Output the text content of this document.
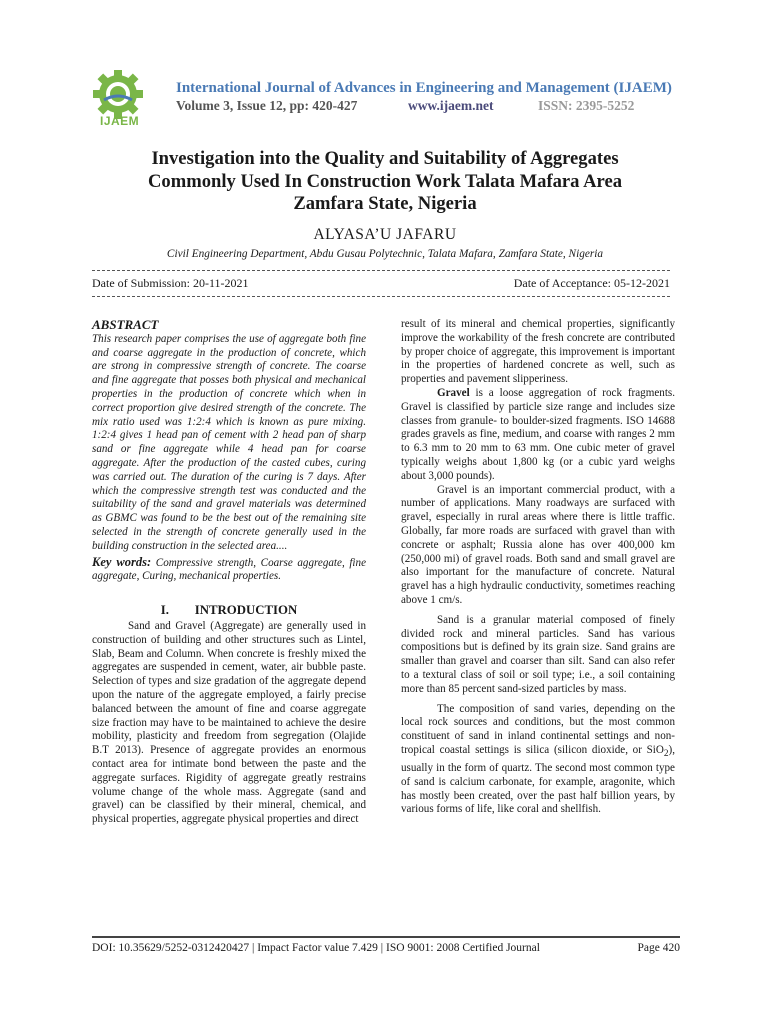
IJAEM
International Journal of Advances in Engineering and Management (IJAEM)
Volume 3, Issue 12, pp: 420-427	www.ijaem.net	ISSN: 2395-5252
Investigation into the Quality and Suitability of Aggregates
Commonly Used In Construction Work Talata Mafara Area
Zamfara State, Nigeria
ALYASA’U JAFARU
Civil Engineering Department, Abdu Gusau Polytechnic, Talata Mafara, Zamfara State, Nigeria
Date of Submission: 20-11-2021	Date of Acceptance: 05-12-2021
ABSTRACT

This research paper comprises the use of aggregate both fine and coarse aggregate in the production of concrete, which are strong in compressive strength of concrete. The coarse and fine aggregate that posses both physical and mechanical properties in the production of concrete which when in correct proportion give desired strength of the concrete. The mix ratio used was 1:2:4 which is known as pure mixing. 1:2:4 gives 1 head pan of cement with 2 head pan of sharp sand or fine aggregate while 4 head pan for coarse aggregate. After the production of the casted cubes, curing was carried out. The duration of the curing is 7 days. After which the compressive strength test was conducted and the suitability of the sand and gravel materials was determined as GBMC was found to be the best out of the remaining site selected in the strength of concrete generally used in the building construction in the selected area....

Key words: Compressive strength, Coarse aggregate, fine aggregate, Curing, mechanical properties.

I. INTRODUCTION

Sand and Gravel (Aggregate) are generally used in construction of building and other structures such as Lintel, Slab, Beam and Column. When concrete is freshly mixed the aggregates are suspended in cement, water, air bubble paste. Selection of types and size gradation of the aggregate depend upon the nature of the aggregate employed, a fairly precise balanced between the amount of fine and coarse aggregate size fraction may have to be maintained to achieve the desire mobility, plasticity and freedom from segregation (Olajide B.T 2013). Presence of aggregate provides an enormous contact area for intimate bond between the paste and the aggregate surfaces. Rigidity of aggregate greatly restrains volume change of the whole mass. Aggregate (sand and gravel) can be classified by their mineral, chemical, and physical properties, aggregate physical properties and direct

result of its mineral and chemical properties, significantly improve the workability of the fresh concrete are contributed by proper choice of aggregate, this improvement is important in the properties of hardened concrete as well, such as properties and pavement slipperiness.

Gravel is a loose aggregation of rock fragments. Gravel is classified by particle size range and includes size classes from granule- to boulder-sized fragments. ISO 14688 grades gravels as fine, medium, and coarse with ranges 2 mm to 6.3 mm to 20 mm to 63 mm. One cubic meter of gravel typically weighs about 1,800 kg (or a cubic yard weighs about 3,000 pounds).

Gravel is an important commercial product, with a number of applications. Many roadways are surfaced with gravel, especially in rural areas where there is little traffic. Globally, far more roads are surfaced with gravel than with concrete or asphalt; Russia alone has over 400,000 km (250,000 mi) of gravel roads. Both sand and small gravel are also important for the manufacture of concrete. Natural gravel has a high hydraulic conductivity, sometimes reaching above 1 cm/s.

Sand is a granular material composed of finely divided rock and mineral particles. Sand has various compositions but is defined by its grain size. Sand grains are smaller than gravel and coarser than silt. Sand can also refer to a textural class of soil or soil type; i.e., a soil containing more than 85 percent sand-sized particles by mass.

The composition of sand varies, depending on the local rock sources and conditions, but the most common constituent of sand in inland continental settings and non-tropical coastal settings is silica (silicon dioxide, or SiO$_2$), usually in the form of quartz. The second most common type of sand is calcium carbonate, for example, aragonite, which has mostly been created, over the past half billion years, by various forms of life, like coral and shellfish.

DOI: 10.35629/5252-0312420427 | Impact Factor value 7.429 | ISO 9001: 2008 Certified Journal	Page 420
